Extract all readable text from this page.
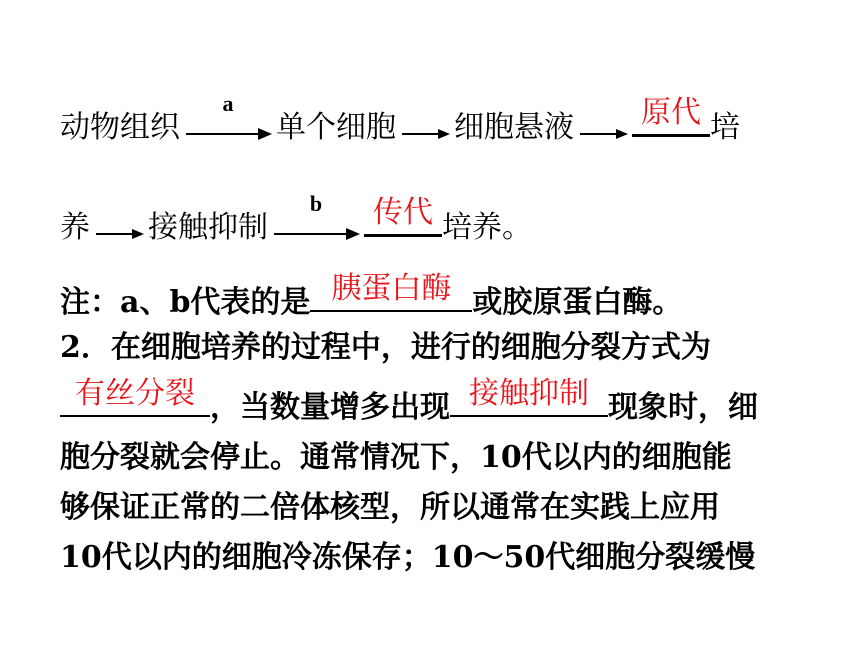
动物组织
a
单个细胞 细胞悬液	原代 培
养 接触抑制
b	传代 培养。
注：a、b代表的是 胰蛋白酶 或胶原蛋白酶。
2．在细胞培养的过程中，进行的细胞分裂方式为
有丝分裂 ，当数量增多出现 接触抑制 现象时，细
胞分裂就会停止。通常情况下，10代以内的细胞能
够保证正常的二倍体核型，所以通常在实践上应用
10代以内的细胞冷冻保存；10～50代细胞分裂缓慢
